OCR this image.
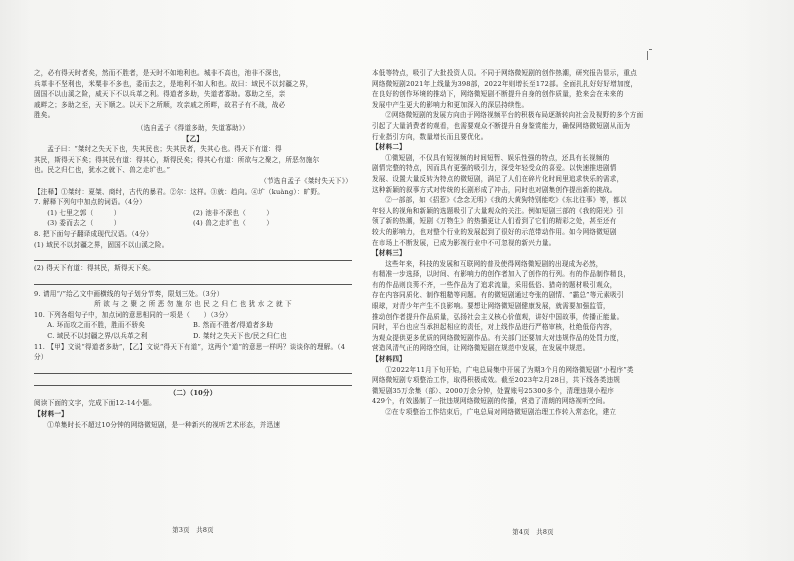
之，必有得天时者矣，然而不胜者，是天时不如地利也。城非不高也，池非不深也，

兵革非不坚利也，米粟非不多也，委而去之，是地利不如人和也。故曰：域民不以封疆之界，

固国不以山溪之险，威天下不以兵革之利。得道者多助，失道者寡助。寡助之至，亲

戚畔之；多助之至，天下顺之。以天下之所顺，攻亲戚之所畔，故君子有不战，战必

胜矣。

（选自孟子《得道多助，失道寡助》）

【乙】

孟子曰：“桀纣之失天下也，失其民也；失其民者，失其心也。得天下有道：得

其民，斯得天下矣；得其民有道：得其心，斯得民矣；得其心有道：所欲与之聚之，所恶勿施尔

也。民之归仁也，犹水之就下、兽之走圹也。”

（节选自孟子《桀纣失天下》）

【注释】①桀纣：夏桀、商纣，古代的暴君。②尔：这样。③就：趋向。④圹（kuàng）：旷野。

7. 解释下列句中加点的词语。（4分）

(1) 七里之郭（　　　）	(2) 池非不深也（　　　）
(3) 委而去之（　　　）	(4) 兽之走圹也（　　　）

8. 把下面句子翻译成现代汉语。（4分）

(1) 域民不以封疆之界，固国不以山溪之险。

(2) 得天下有道：得其民，斯得天下矣。

9. 请用“/”给乙文中画横线的句子划分节奏，限划三处。（3分）

所 欲 与 之 聚 之 所 恶 勿 施 尔 也 民 之 归 仁 也 犹 水 之 就 下

10. 下列各组句子中，加点词的意思相同的一项是（　　）（3分）

A. 环而攻之而不胜，胜而不骄矣	B. 然而不胜者/得道者多助
C. 域民不以封疆之界/以兵革之利	D. 桀纣之失天下也/民之归仁也

11. 【甲】文说“得道者多助”，【乙】文说“得天下有道”，这两个“道”的意思一样吗？谈谈你的理解。（4分）

（二）（10分）

阅读下面的文字，完成下面12-14小题。

【材料一】

①单集时长不超过10分钟的网络微短剧，是一种新兴的视听艺术形态，并迅速

第3页　共8页

本低等特点，吸引了大批投资人员。不同于网络微短剧的创作热潮，研究报告显示，重点

网络微短剧2021年上线量为398部，2022年则增长至172部。全面扎扎好好好增加度，

在良好的创作环境的推动下，网络微短剧不断提升自身的创作质量，抢来会在未来的

发展中产生更大的影响力和更加深入的深层持续性。

②网络微短剧的发展方向由于网络视频平台的积极布局逐渐转向社会及视野的多个方面

引起了大量消费者的观看，也需要观众不断提升自身鉴赏能力，确保网络微短剧从而为

行业指引方向，数量增长而且要优化。

【材料二】

①微短剧，不仅具有短视频的时间短暂、娱乐性强的特点，还具有长视频的

剧情完整的特点，因而具有更强的吸引力，深受年轻受众的喜爱。以快速推进剧情

发展、设置大量反转为特点的微短剧，满足了人们在碎片化时间里追求快乐的需求，

这种新颖的叙事方式对传统的长剧形成了冲击，同时也对剧集创作提出新的挑战。

②一部部，如《招惹》《念念无明》《我的大黄狗特别能吃》《东北往事》等，都以

年轻人的视角和新颖的选题吸引了大量观众的关注。例如短剧三部的《我的阳光》引

领了新的热潮，短剧《万物生》的热播更让人们看到了它们的精彩之处，甚至还有

较大的影响力，也对整个行业的发展起到了很好的示范带动作用。如今网络微短剧

在市场上不断发展，已成为影视行业中不可忽视的新兴力量。

【材料三】

这些年来，科技的发展和互联网的普及使得网络微短剧的出现成为必然，

有精准一步选择，以时间、有影响力的创作者加入了创作的行列。有的作品制作精良，

有的作品则良莠不齐，一些作品为了追求流量，采用低俗、猎奇的题材吸引观众，

存在内容同质化、制作粗糙等问题。有的微短剧通过夸张的剧情、“霸总”等元素吸引

眼球，对青少年产生不良影响。要想让网络微短剧健康发展，就需要加强监管，

推动创作者提升作品质量，弘扬社会主义核心价值观，讲好中国故事，传播正能量。

同时，平台也应当承担起相应的责任，对上线作品进行严格审核，杜绝低俗内容，

为观众提供更多优质的网络微短剧作品。有关部门还要加大对违规作品的处罚力度，

营造风清气正的网络空间，让网络微短剧在规范中发展，在发展中规范。

【材料四】

①2022年11月下旬开始，广电总局集中开展了为期3个月的网络微短剧“小程序”类

网络微短剧专项整治工作，取得积极成效。截至2023年2月28日，共下线各类违规

微短剧35万余集（部）、2000万余分钟，处置账号25300多个，清理违规小程序

429个，有效遏制了一批违规网络微短剧的传播，营造了清朗的网络视听空间。

②在专项整治工作结束后，广电总局对网络微短剧治理工作转入常态化，建立

第4页　共8页
